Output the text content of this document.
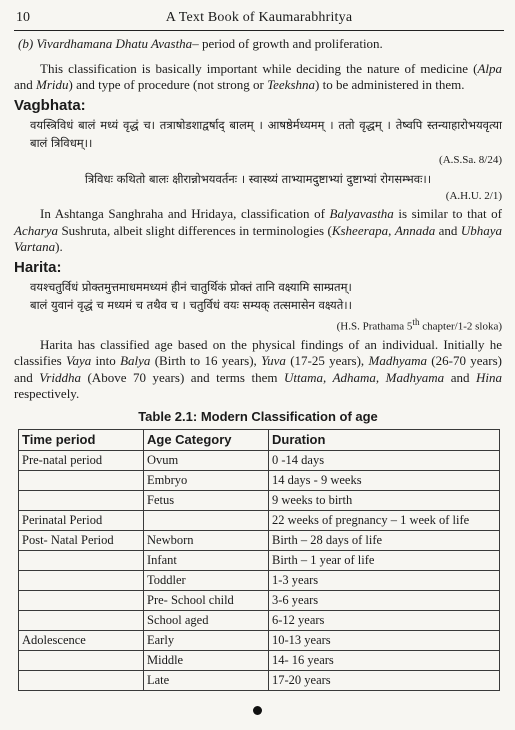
10	A Text Book of Kaumarabhritya

(b) Vivardhamana Dhatu Avastha– period of growth and proliferation.

This classification is basically important while deciding the nature of medicine (Alpa and Mridu) and type of procedure (not strong or Teekshna) to be administered in them.

Vagbhata:

वयस्त्रिविधं बालं मध्यं वृद्धं च। तत्राषोडशाद्वर्षाद् बालम् । आषष्ठेर्मध्यमम् । ततो वृद्धम् । तेष्वपि स्तन्याहारोभयवृत्या बालं त्रिविधम्।।

(A.S.Sa. 8/24)

त्रिविधः कथितो बालः क्षीरान्नोभयवर्तनः । स्वास्थ्यं ताभ्यामदुष्टाभ्यां दुष्टाभ्यां रोगसम्भवः।।

(A.H.U. 2/1)

In Ashtanga Sanghraha and Hridaya, classification of Balyavastha is similar to that of Acharya Sushruta, albeit slight differences in terminologies (Ksheerapa, Annada and Ubhaya Vartana).

Harita:

वयश्चतुर्विधं प्रोक्तमुत्तमाधममध्यमं हीनं चातुर्थिकं प्रोक्तं तानि वक्ष्यामि साम्प्रतम्।

बालं युवानं वृद्धं च मध्यमं च तथैव च । चतुर्विधं वयः सम्यक् तत्समासेन वक्ष्यते।।

(H.S. Prathama 5th chapter/1-2 sloka)

Harita has classified age based on the physical findings of an individual. Initially he classifies Vaya into Balya (Birth to 16 years), Yuva (17-25 years), Madhyama (26-70 years) and Vriddha (Above 70 years) and terms them Uttama, Adhama, Madhyama and Hina respectively.

Table 2.1: Modern Classification of age
Time period	Age Category	Duration
Pre-natal period	Ovum	0 -14 days
	Embryo	14 days - 9 weeks
	Fetus	9 weeks to birth
Perinatal Period		22 weeks of pregnancy – 1 week of life
Post- Natal Period	Newborn	Birth – 28 days of life
	Infant	Birth – 1 year of life
	Toddler	1-3 years
	Pre- School child	3-6 years
	School aged	6-12 years
Adolescence	Early	10-13 years
	Middle	14- 16 years
	Late	17-20 years
